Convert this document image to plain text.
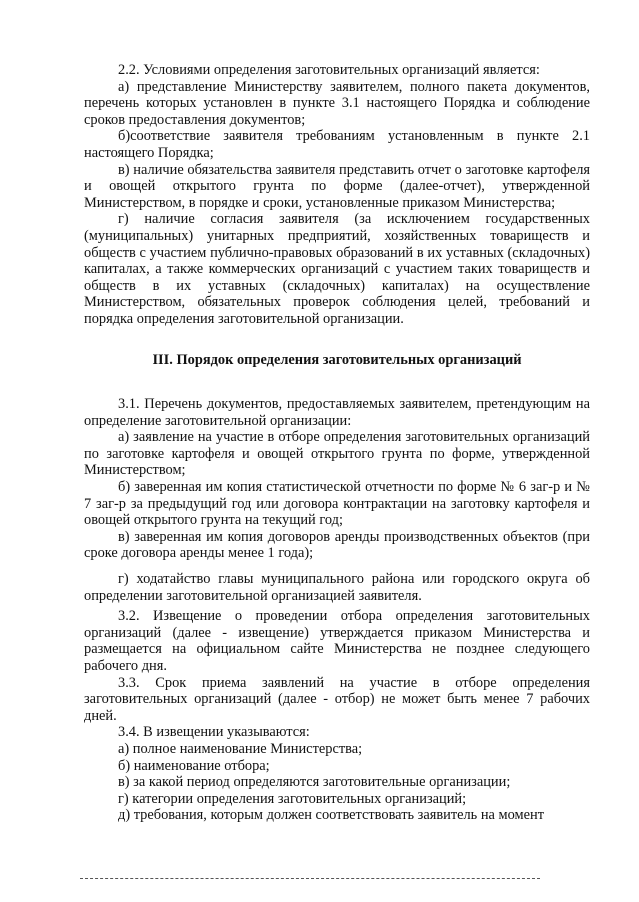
2.2. Условиями определения заготовительных организаций является:

а) представление Министерству заявителем, полного пакета документов, перечень которых установлен в пункте 3.1 настоящего Порядка и соблюдение сроков предоставления документов;

б)соответствие заявителя требованиям установленным в пункте 2.1 настоящего Порядка;

в) наличие обязательства заявителя представить отчет о заготовке картофеля и овощей открытого грунта по форме (далее-отчет), утвержденной Министерством, в порядке и сроки, установленные приказом Министерства;

г) наличие согласия заявителя (за исключением государственных (муниципальных) унитарных предприятий, хозяйственных товариществ и обществ с участием публично-правовых образований в их уставных (складочных) капиталах, а также коммерческих организаций с участием таких товариществ и обществ в их уставных (складочных) капиталах) на осуществление Министерством, обязательных проверок соблюдения целей, требований и порядка определения заготовительной организации.

III. Порядок определения заготовительных организаций

3.1. Перечень документов, предоставляемых заявителем, претендующим на определение заготовительной организации:

а) заявление на участие в отборе определения заготовительных организаций по заготовке картофеля и овощей открытого грунта по форме, утвержденной Министерством;

б) заверенная им копия статистической отчетности по форме № 6 заг-р и № 7 заг-р за предыдущий год или договора контрактации на заготовку картофеля и овощей открытого грунта на текущий год;

в) заверенная им копия договоров аренды производственных объектов (при сроке договора аренды менее 1 года);

г) ходатайство главы муниципального района или городского округа об определении заготовительной организацией заявителя.

3.2. Извещение о проведении отбора определения заготовительных организаций (далее - извещение) утверждается приказом Министерства и размещается на официальном сайте Министерства не позднее следующего рабочего дня.

3.3. Срок приема заявлений на участие в отборе определения заготовительных организаций (далее - отбор) не может быть менее 7 рабочих дней.

3.4. В извещении указываются:

а) полное наименование Министерства;

б) наименование отбора;

в) за какой период определяются заготовительные организации;

г) категории определения заготовительных организаций;

д) требования, которым должен соответствовать заявитель на момент
